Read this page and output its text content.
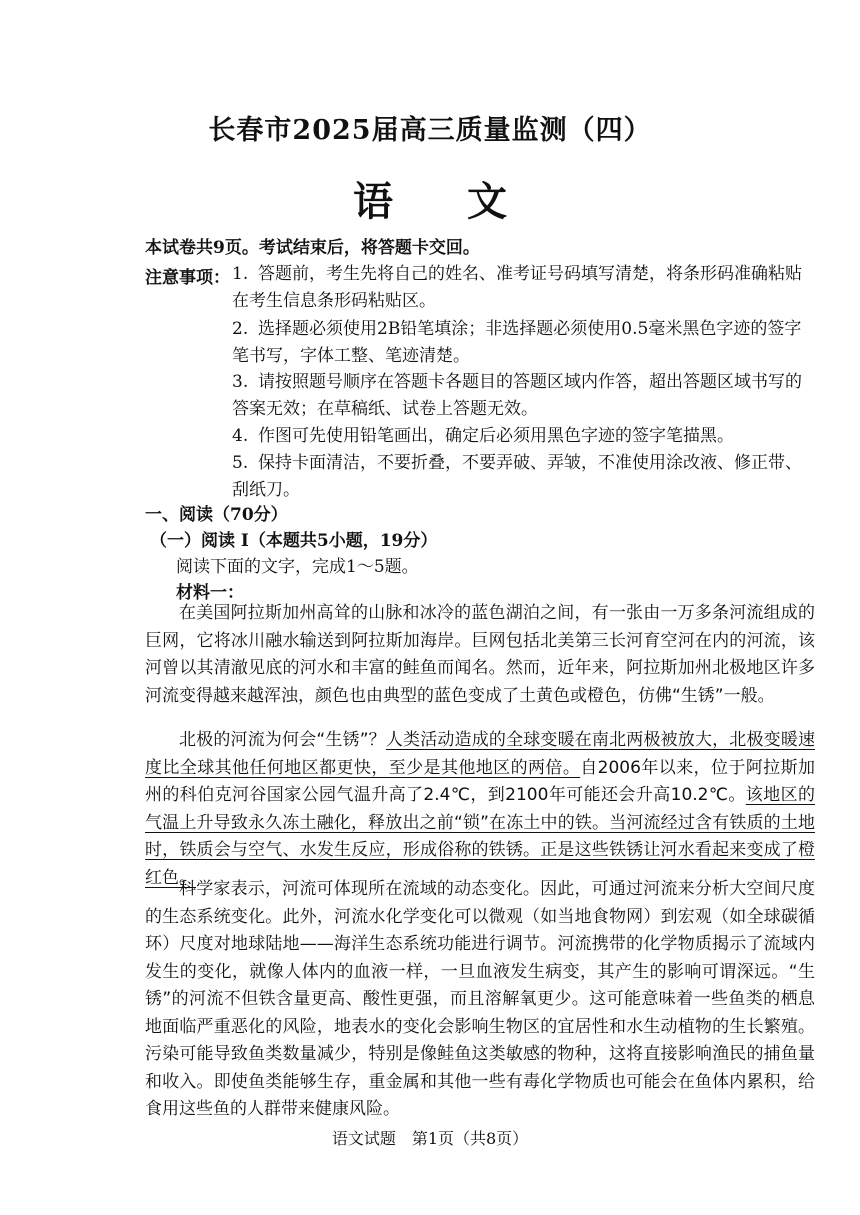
长春市2025届高三质量监测（四）
语 文
本试卷共9页。考试结束后，将答题卡交回。
注意事项： 1. 答题前，考生先将自己的姓名、准考证号码填写清楚，将条形码准确粘贴在考生信息条形码粘贴区。
2. 选择题必须使用2B铅笔填涂；非选择题必须使用0.5毫米黑色字迹的签字笔书写，字体工整、笔迹清楚。
3. 请按照题号顺序在答题卡各题目的答题区域内作答，超出答题区域书写的答案无效；在草稿纸、试卷上答题无效。
4. 作图可先使用铅笔画出，确定后必须用黑色字迹的签字笔描黑。
5. 保持卡面清洁，不要折叠，不要弄破、弄皱，不准使用涂改液、修正带、刮纸刀。
一、阅读（70分）
（一）阅读 I（本题共5小题，19分）
阅读下面的文字，完成1～5题。
材料一：
在美国阿拉斯加州高耸的山脉和冰冷的蓝色湖泊之间，有一张由一万多条河流组成的巨网，它将冰川融水输送到阿拉斯加海岸。巨网包括北美第三长河育空河在内的河流，该河曾以其清澈见底的河水和丰富的鲑鱼而闻名。然而，近年来，阿拉斯加州北极地区许多河流变得越来越浑浊，颜色也由典型的蓝色变成了土黄色或橙色，仿佛“生锈”一般。
北极的河流为何会“生锈”？人类活动造成的全球变暖在南北两极被放大，北极变暖速度比全球其他任何地区都更快，至少是其他地区的两倍。自2006年以来，位于阿拉斯加州的科伯克河谷国家公园气温升高了2.4℃，到2100年可能还会升高10.2℃。该地区的气温上升导致永久冻土融化，释放出之前“锁”在冻土中的铁。当河流经过含有铁质的土地时，铁质会与空气、水发生反应，形成俗称的铁锈。正是这些铁锈让河水看起来变成了橙红色。
科学家表示，河流可体现所在流域的动态变化。因此，可通过河流来分析大空间尺度的生态系统变化。此外，河流水化学变化可以微观（如当地食物网）到宏观（如全球碳循环）尺度对地球陆地——海洋生态系统功能进行调节。河流携带的化学物质揭示了流域内发生的变化，就像人体内的血液一样，一旦血液发生病变，其产生的影响可谓深远。“生锈”的河流不但铁含量更高、酸性更强，而且溶解氧更少。这可能意味着一些鱼类的栖息地面临严重恶化的风险，地表水的变化会影响生物区的宜居性和水生动植物的生长繁殖。污染可能导致鱼类数量减少，特别是像鲑鱼这类敏感的物种，这将直接影响渔民的捕鱼量和收入。即使鱼类能够生存，重金属和其他一些有毒化学物质也可能会在鱼体内累积，给食用这些鱼的人群带来健康风险。
语文试题　第1页（共8页）
